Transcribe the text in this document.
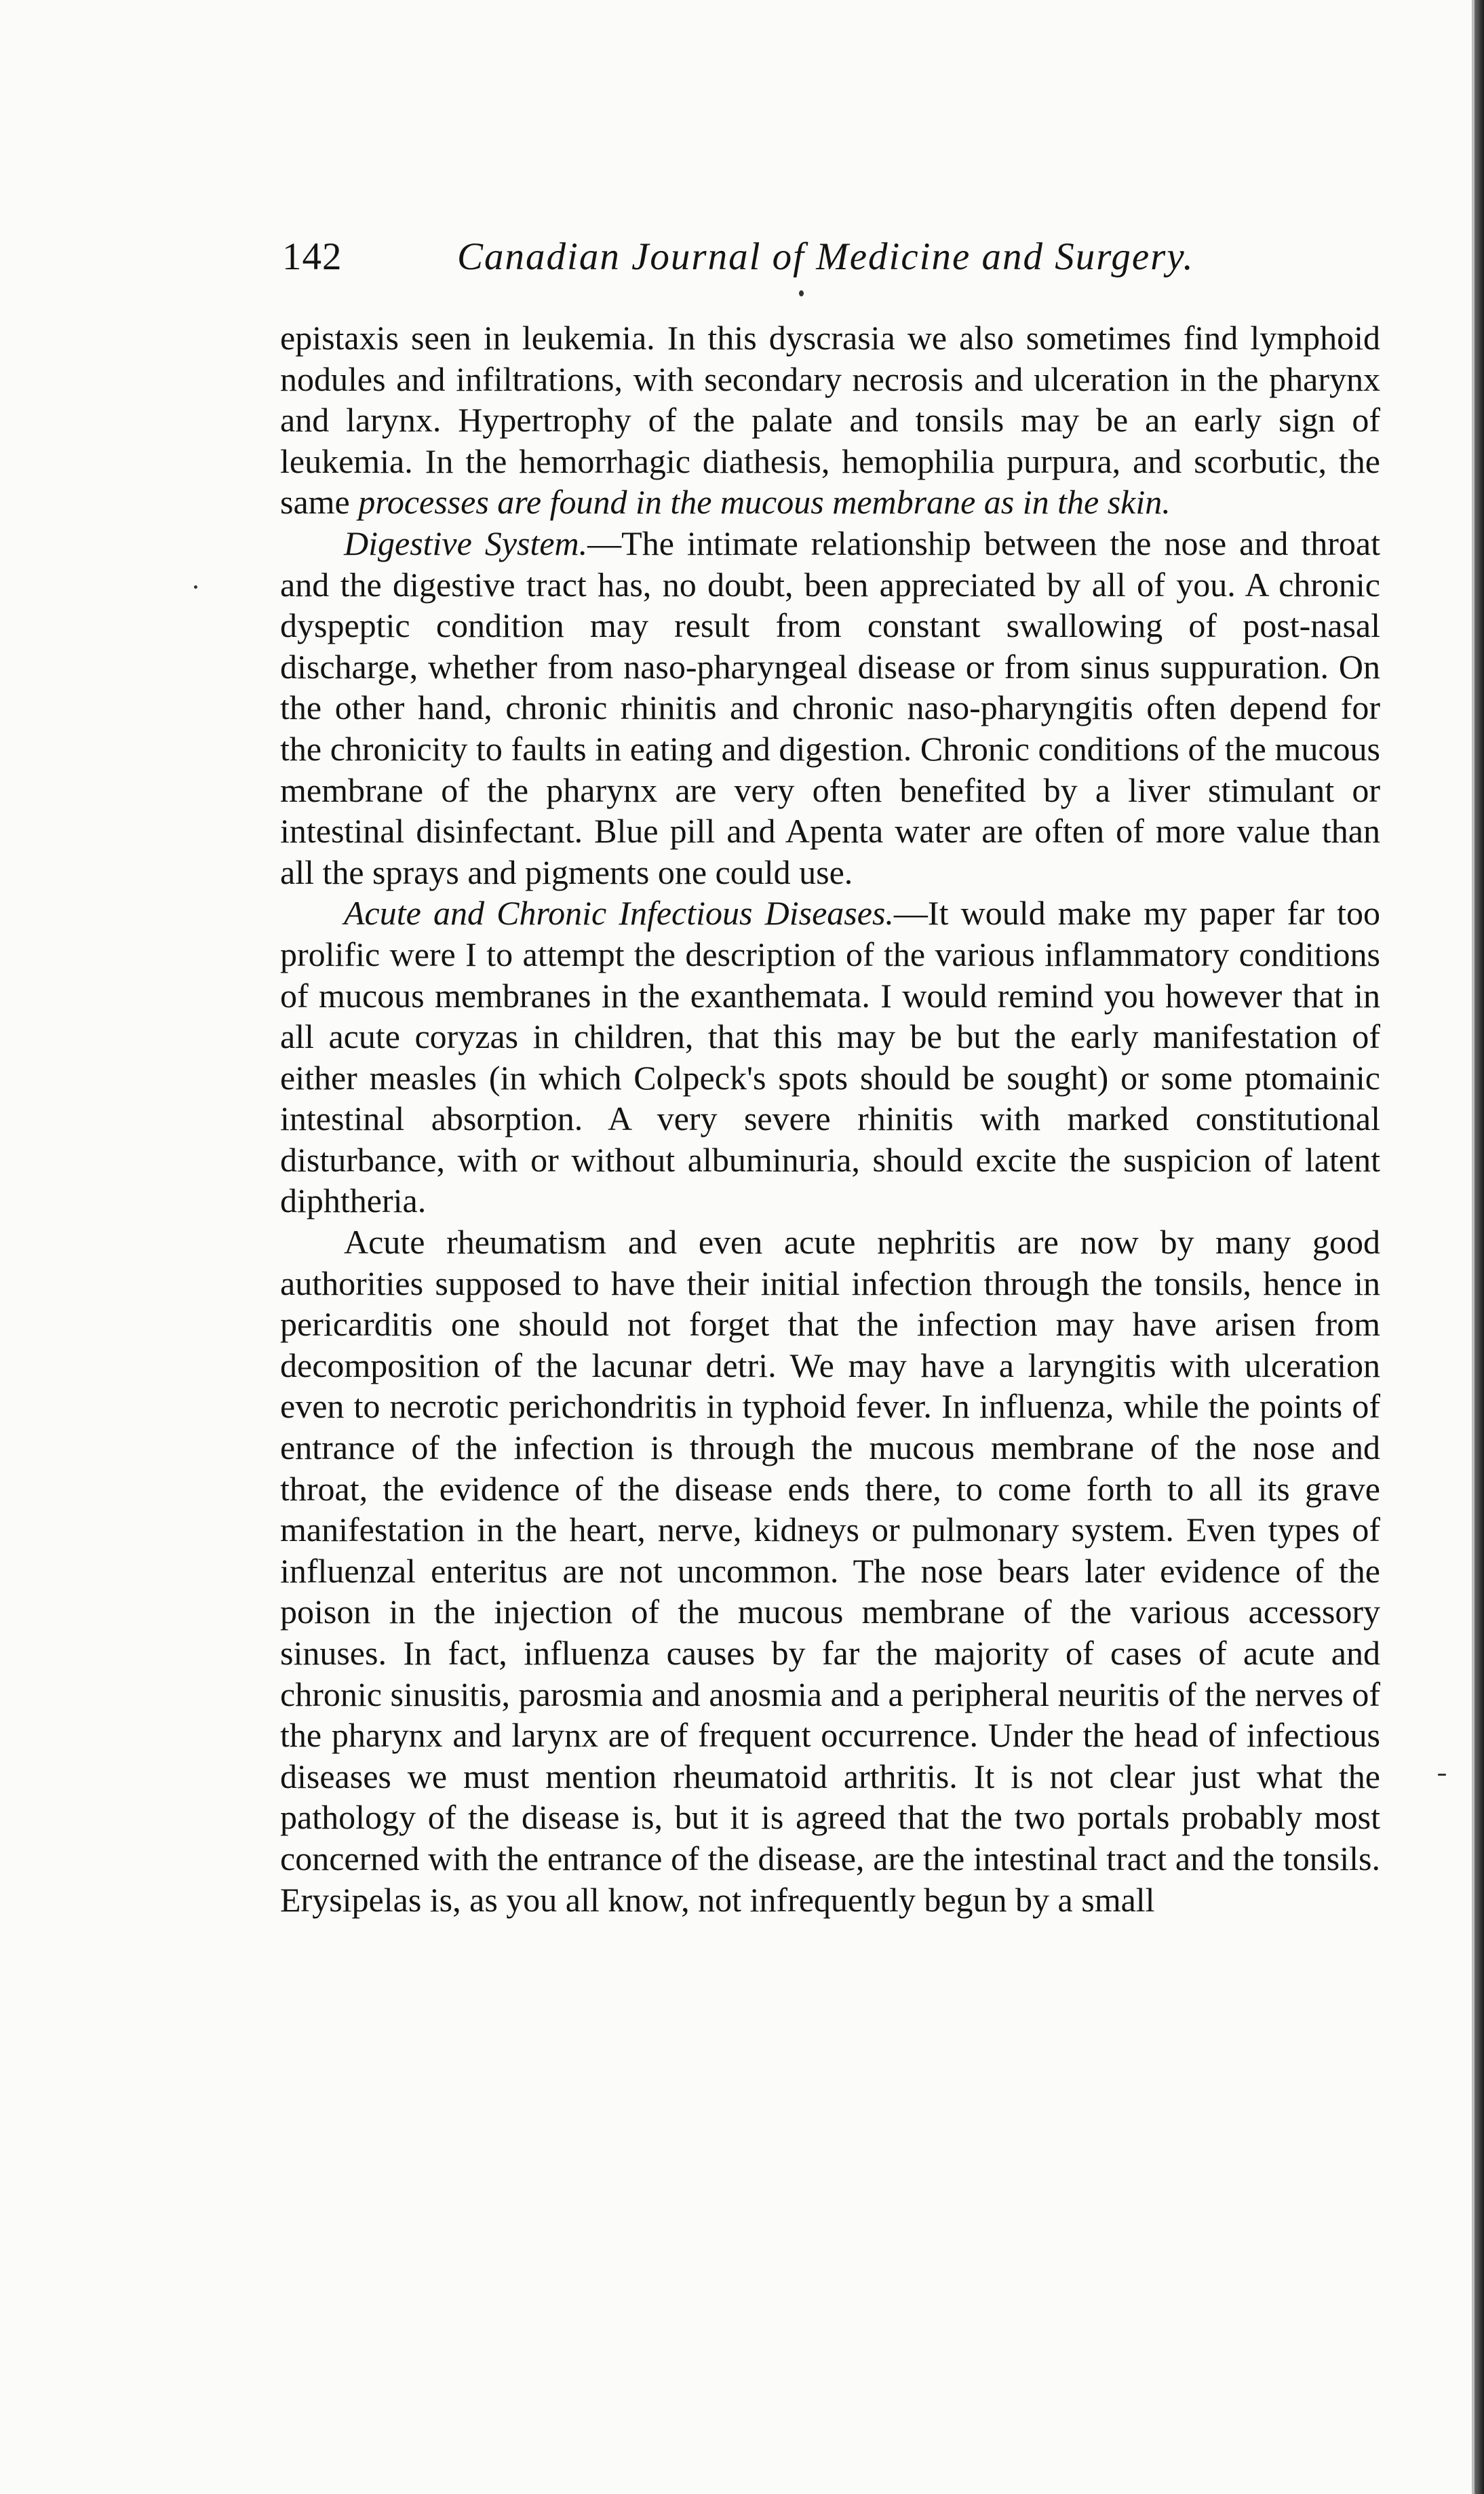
142	Canadian Journal of Medicine and Surgery.

epistaxis seen in leukemia. In this dyscrasia we also sometimes find lymphoid nodules and infiltrations, with secondary necrosis and ulceration in the pharynx and larynx. Hypertrophy of the palate and tonsils may be an early sign of leukemia. In the hemorrhagic diathesis, hemophilia purpura, and scorbutic, the same processes are found in the mucous membrane as in the skin.

Digestive System.—The intimate relationship between the nose and throat and the digestive tract has, no doubt, been appreciated by all of you. A chronic dyspeptic condition may result from constant swallowing of post-nasal discharge, whether from naso-pharyngeal disease or from sinus suppuration. On the other hand, chronic rhinitis and chronic naso-pharyngitis often depend for the chronicity to faults in eating and digestion. Chronic conditions of the mucous membrane of the pharynx are very often benefited by a liver stimulant or intestinal disinfectant. Blue pill and Apenta water are often of more value than all the sprays and pigments one could use.

Acute and Chronic Infectious Diseases.—It would make my paper far too prolific were I to attempt the description of the various inflammatory conditions of mucous membranes in the exanthemata. I would remind you however that in all acute coryzas in children, that this may be but the early manifestation of either measles (in which Colpeck's spots should be sought) or some ptomainic intestinal absorption. A very severe rhinitis with marked constitutional disturbance, with or without albuminuria, should excite the suspicion of latent diphtheria.

Acute rheumatism and even acute nephritis are now by many good authorities supposed to have their initial infection through the tonsils, hence in pericarditis one should not forget that the infection may have arisen from decomposition of the lacunar detri. We may have a laryngitis with ulceration even to necrotic perichondritis in typhoid fever. In influenza, while the points of entrance of the infection is through the mucous membrane of the nose and throat, the evidence of the disease ends there, to come forth to all its grave manifestation in the heart, nerve, kidneys or pulmonary system. Even types of influenzal enteritus are not uncommon. The nose bears later evidence of the poison in the injection of the mucous membrane of the various accessory sinuses. In fact, influenza causes by far the majority of cases of acute and chronic sinusitis, parosmia and anosmia and a peripheral neuritis of the nerves of the pharynx and larynx are of frequent occurrence. Under the head of infectious diseases we must mention rheumatoid arthritis. It is not clear just what the pathology of the disease is, but it is agreed that the two portals probably most concerned with the entrance of the disease, are the intestinal tract and the tonsils. Erysipelas is, as you all know, not infrequently begun by a small
